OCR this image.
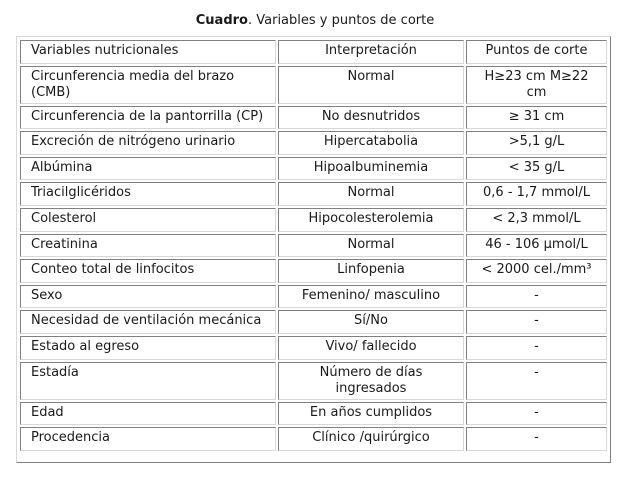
Cuadro. Variables y puntos de corte
Variables nutricionales	Interpretación	Puntos de corte
Circunferencia media del brazo (CMB)	Normal	H≥23 cm M≥22 cm
Circunferencia de la pantorrilla (CP)	No desnutridos	≥ 31 cm
Excreción de nitrógeno urinario	Hipercatabolia	>5,1 g/L
Albúmina	Hipoalbuminemia	< 35 g/L
Triacilglicéridos	Normal	0,6 - 1,7 mmol/L
Colesterol	Hipocolesterolemia	< 2,3 mmol/L
Creatinina	Normal	46 - 106 µmol/L
Conteo total de linfocitos	Linfopenia	< 2000 cel./mm³
Sexo	Femenino/ masculino	-
Necesidad de ventilación mecánica	Sí/No	-
Estado al egreso	Vivo/ fallecido	-
Estadía	Número de días ingresados	-
Edad	En años cumplidos	-
Procedencia	Clínico /quirúrgico	-
